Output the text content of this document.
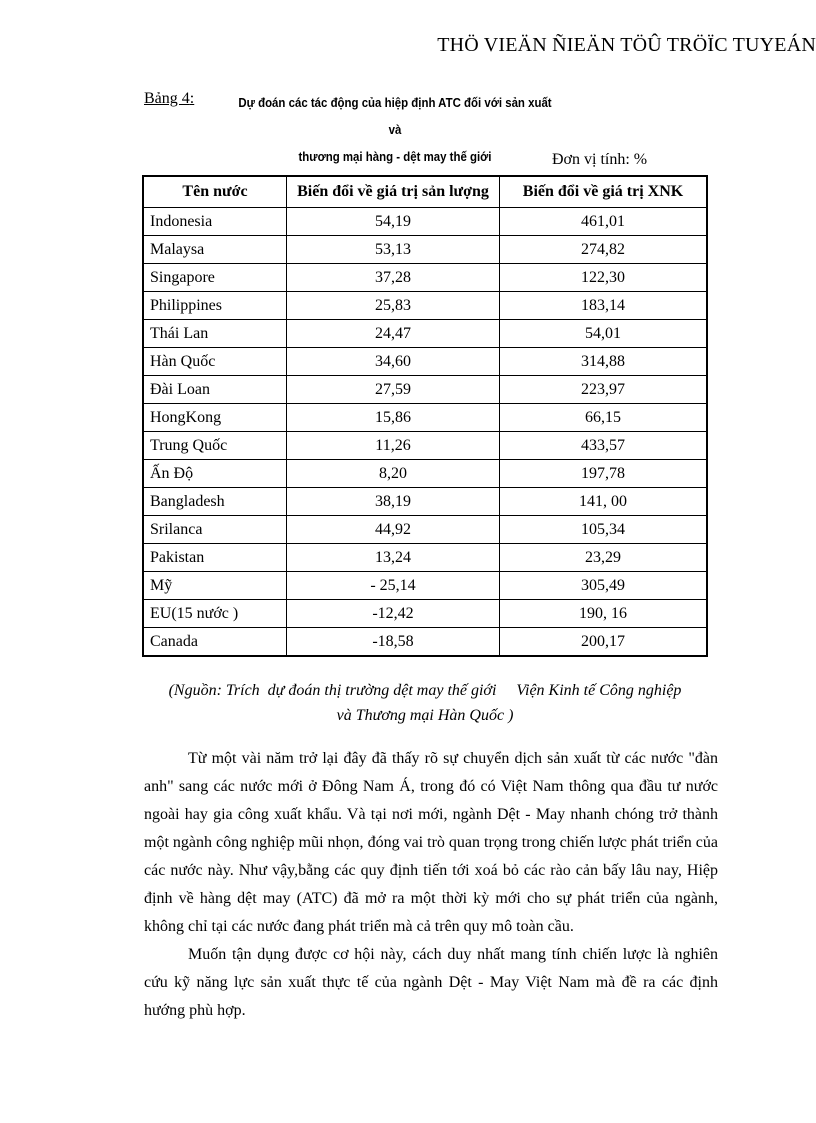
THÖ VIEÄN ÑIEÄN TÖÛ TRÖÏC TUYEÁN
Bảng 4:	Dự đoán các tác động của hiệp định ATC đối với sản xuất và
thương mại hàng - dệt may thế giới	Đơn vị tính: %
Tên nước	Biến đổi về giá trị sản lượng	Biến đổi về giá trị XNK
Indonesia	54,19	461,01
Malaysa	53,13	274,82
Singapore	37,28	122,30
Philippines	25,83	183,14
Thái Lan	24,47	54,01
Hàn Quốc	34,60	314,88
Đài Loan	27,59	223,97
HongKong	15,86	66,15
Trung Quốc	11,26	433,57
Ấn Độ	8,20	197,78
Bangladesh	38,19	141, 00
Srilanca	44,92	105,34
Pakistan	13,24	23,29
Mỹ	- 25,14	305,49
EU(15 nước )	-12,42	190, 16
Canada	-18,58	200,17
(Nguồn: Trích  dự đoán thị trường dệt may thế giới     Viện Kinh tế Công nghiệp
và Thương mại Hàn Quốc )

Từ một vài năm trở lại đây đã thấy rõ sự chuyển dịch sản xuất từ các nước "đàn anh" sang các nước mới ở Đông Nam Á, trong đó có Việt Nam thông qua đầu tư nước ngoài hay gia công xuất khẩu. Và tại nơi mới, ngành Dệt - May nhanh chóng trở thành một ngành công nghiệp mũi nhọn, đóng vai trò quan trọng trong chiến lược phát triển của các nước này. Như vậy,bằng các quy định tiến tới xoá bỏ các rào cản bấy lâu nay, Hiệp định về hàng dệt may (ATC) đã mở ra một thời kỳ mới cho sự phát triển của ngành, không chỉ tại các nước đang phát triển mà cả trên quy mô toàn cầu.

Muốn tận dụng được cơ hội này, cách duy nhất mang tính chiến lược là nghiên cứu kỹ năng lực sản xuất thực tế của ngành Dệt - May Việt Nam mà đề ra các định hướng phù hợp.
